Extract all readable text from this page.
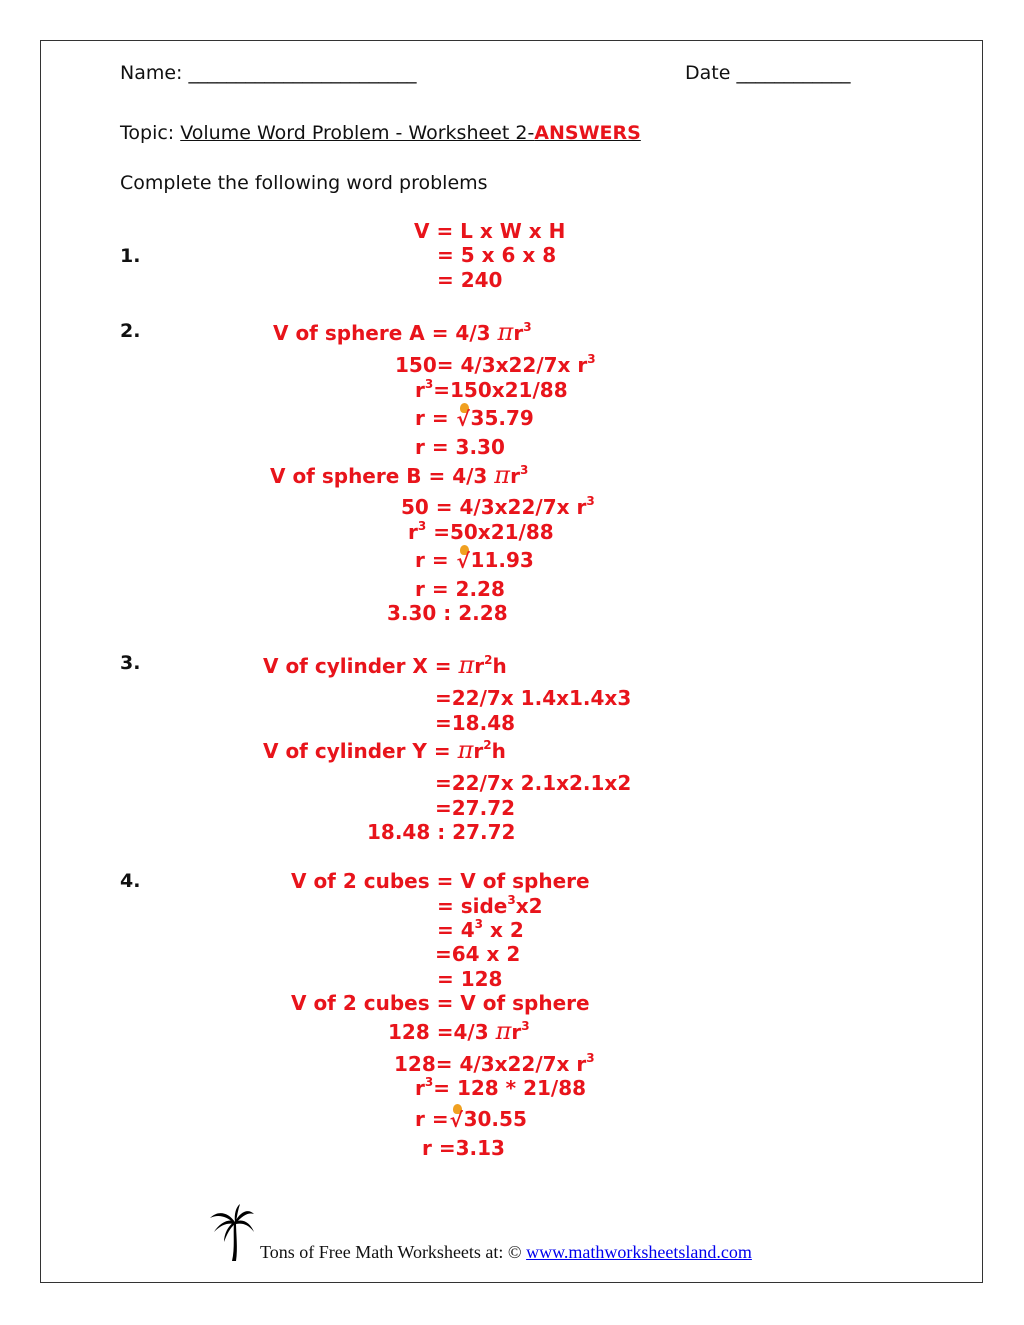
Name: ________________________	Date ____________
Topic: Volume Word Problem - Worksheet 2-ANSWERS
Complete the following word problems
1.
2.
3.
4.
V = L x W x H
= 5 x 6 x 8
= 240
V of sphere A = 4/3 $\pi r^3$
150= 4/3x22/7x $r^3$
$r^3=150x21/88$
r = √35.79
r = 3.30
V of sphere B = 4/3 $\pi r^3$
50 = 4/3x22/7x $r^3$
$r^3 =50x21/88$
r = √11.93
r = 2.28
3.30 : 2.28
V of cylinder $X = \pi r^2h$
=22/7x 1.4x1.4x3
=18.48
V of cylinder $Y = \pi r^2h$
=22/7x 2.1x2.1x2
=27.72
18.48 : 27.72
V of 2 cubes = V of sphere
= side$^3$x2
= $4^3$ x 2
=64 x 2
= 128
V of 2 cubes = V of sphere
128 =4/3 $\pi r^3$
128= 4/3x22/7x $r^3$
$r^3= 128 * 21/88$
r =√ 30.55
r =3.13
Tons of Free Math Worksheets at: © www.mathworksheetsland.com
